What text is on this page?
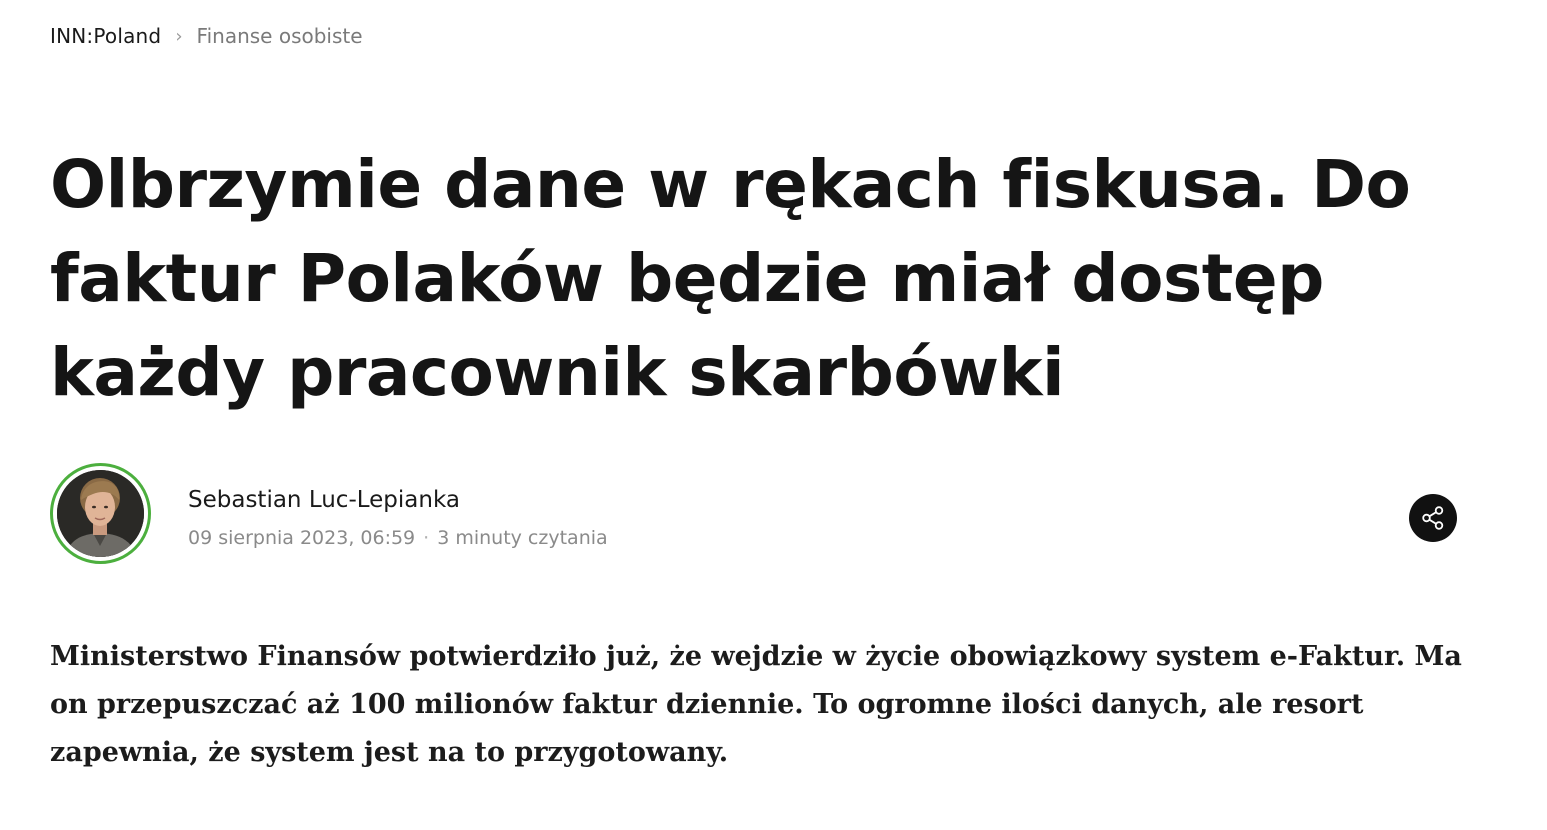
INN:Poland › Finanse osobiste
Olbrzymie dane w rękach fiskusa. Do faktur Polaków będzie miał dostęp każdy pracownik skarbówki
Sebastian Luc-Lepianka
09 sierpnia 2023, 06:59 · 3 minuty czytania

Ministerstwo Finansów potwierdziło już, że wejdzie w życie obowiązkowy system e-Faktur. Ma on przepuszczać aż 100 milionów faktur dziennie. To ogromne ilości danych, ale resort zapewnia, że system jest na to przygotowany.
